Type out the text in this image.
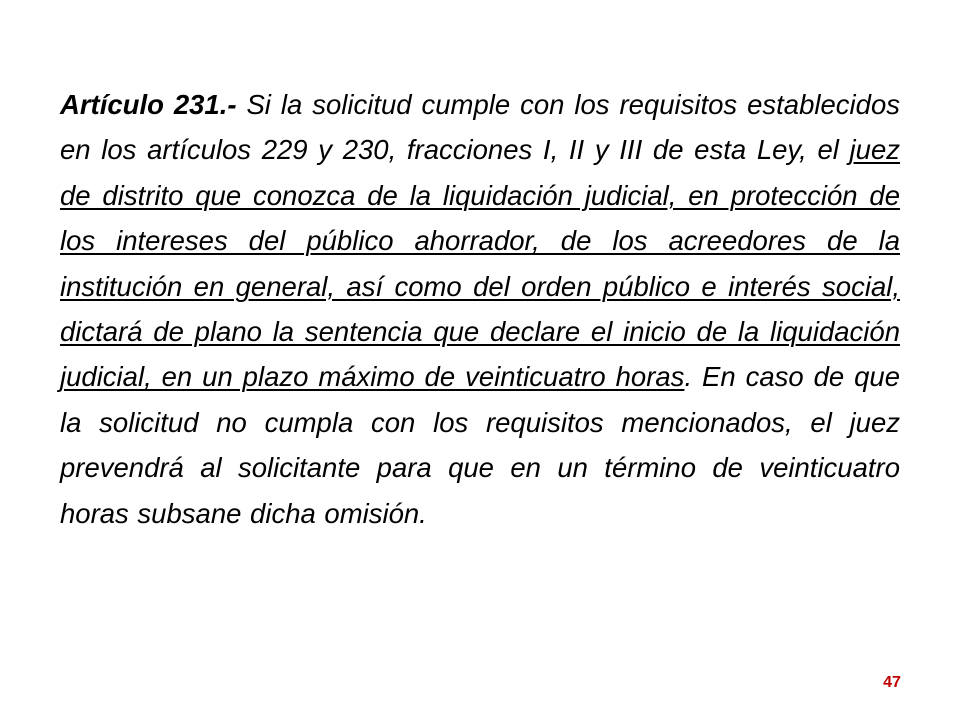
Artículo 231.- Si la solicitud cumple con los requisitos establecidos en los artículos 229 y 230, fracciones I, II y III de esta Ley, el juez de distrito que conozca de la liquidación judicial, en protección de los intereses del público ahorrador, de los acreedores de la institución en general, así como del orden público e interés social, dictará de plano la sentencia que declare el inicio de la liquidación judicial, en un plazo máximo de veinticuatro horas. En caso de que la solicitud no cumpla con los requisitos mencionados, el juez prevendrá al solicitante para que en un término de veinticuatro horas subsane dicha omisión.

47
